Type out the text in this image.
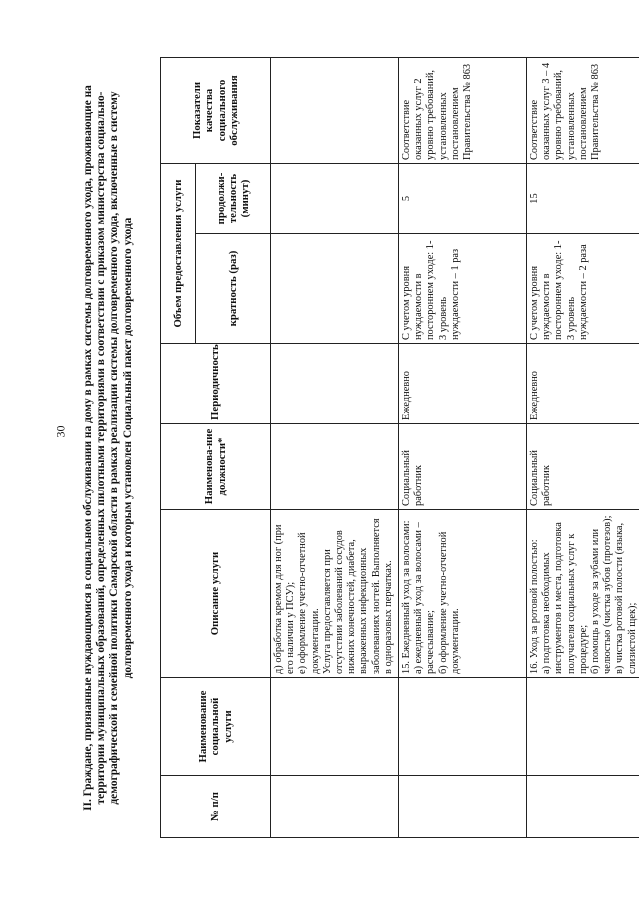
30 II. Граждане, признанные нуждающимися в социальном обслуживании на дому в рамках системы долговременного ухода, проживающие на территории муниципальных образований, определенных пилотными территориями в соответствии с приказом министерства социально-демографической и семейной политики Самарской области в рамках реализации системы долговременного ухода, включенные в систему долговременного ухода и которым установлен Социальный пакет долговременного ухода
№ п/п	Наименование социальной услуги	Описание услуги	Наименова-ние должности*	Периодичность	Объем предоставления услуги		Показатели качества социального обслуживания
					кратность (раз)	продолжи-тельность (минут)	

		д) обработка кремом для ног (при его наличии у ПСУ); е) оформление учетно-отчетной документации. Услуга предоставляется при отсутствии заболеваний сосудов нижних конечностей, диабета, выраженных инфекционных заболеваниях ногтей. Выполняется в одноразовых перчатках.					

		15. Ежедневный уход за волосами: а) ежедневный уход за волосами – расчесывание; б) оформление учетно-отчетной документации.	Социальный работник	Ежедневно	С учетом уровня нуждаемости в постороннем уходе: 1-3 уровень нуждаемости – 1 раз	5	Соответствие оказанных услуг 2 уровню требований, установленных постановлением Правительства № 863

		16. Уход за ротовой полостью: а) подготовка необходимых инструментов и места, подготовка получателя социальных услуг к процедуре; б) помощь в уходе за зубами или челюстью (чистка зубов (протезов); в) чистка ротовой полости (языка, слизистой щек);	Социальный работник	Ежедневно	С учетом уровня нуждаемости в постороннем уходе: 1-3 уровень нуждаемости – 2 раза	15	Соответствие оказанных услуг 3 – 4 уровню требований, установленных постановлением Правительства № 863
